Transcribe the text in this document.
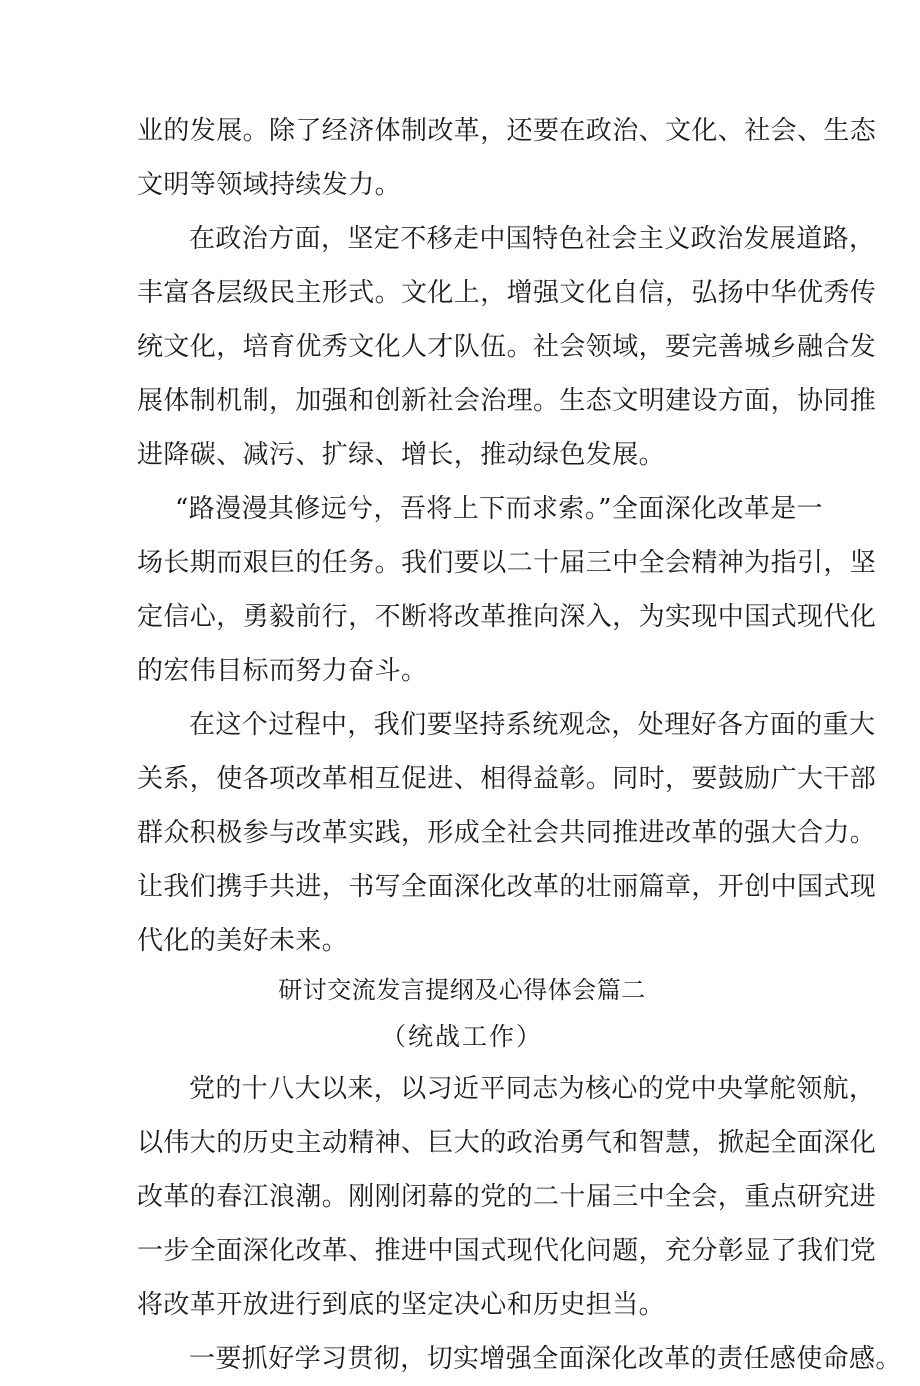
业的发展。除了经济体制改革，还要在政治、文化、社会、生态
文明等领域持续发力。
在政治方面，坚定不移走中国特色社会主义政治发展道路，
丰富各层级民主形式。文化上，增强文化自信，弘扬中华优秀传
统文化，培育优秀文化人才队伍。社会领域，要完善城乡融合发
展体制机制，加强和创新社会治理。生态文明建设方面，协同推
进降碳、减污、扩绿、增长，推动绿色发展。
“路漫漫其修远兮，吾将上下而求索。”全面深化改革是一
场长期而艰巨的任务。我们要以二十届三中全会精神为指引，坚
定信心，勇毅前行，不断将改革推向深入，为实现中国式现代化
的宏伟目标而努力奋斗。
在这个过程中，我们要坚持系统观念，处理好各方面的重大
关系，使各项改革相互促进、相得益彰。同时，要鼓励广大干部
群众积极参与改革实践，形成全社会共同推进改革的强大合力。
让我们携手共进，书写全面深化改革的壮丽篇章，开创中国式现
代化的美好未来。
研讨交流发言提纲及心得体会篇二
（统战工作）
党的十八大以来，以习近平同志为核心的党中央掌舵领航，
以伟大的历史主动精神、巨大的政治勇气和智慧，掀起全面深化
改革的春江浪潮。刚刚闭幕的党的二十届三中全会，重点研究进
一步全面深化改革、推进中国式现代化问题，充分彰显了我们党
将改革开放进行到底的坚定决心和历史担当。
一要抓好学习贯彻，切实增强全面深化改革的责任感使命感。
